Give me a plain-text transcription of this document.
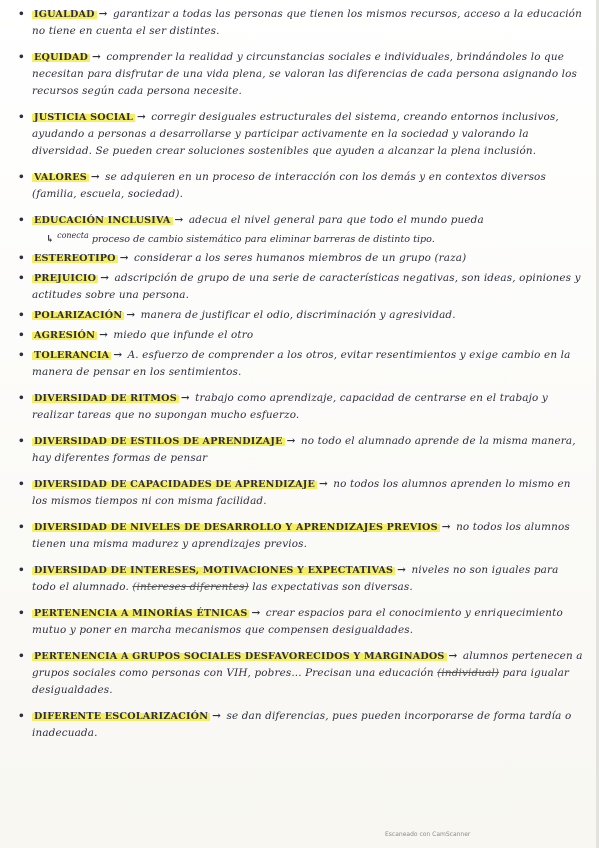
• IGUALDAD → garantizar a todas las personas que tienen los mismos recursos, acceso a la educación no tiene en cuenta el ser distintes.
• EQUIDAD → comprender la realidad y circunstancias sociales e individuales, brindándoles lo que necesitan para disfrutar de una vida plena, se valoran las diferencias de cada persona asignando los recursos según cada persona necesite.
• JUSTICIA SOCIAL → corregir desiguales estructurales del sistema, creando entornos inclusivos, ayudando a personas a desarrollarse y participar activamente en la sociedad y valorando la diversidad. Se pueden crear soluciones sostenibles que ayuden a alcanzar la plena inclusión.
• VALORES → se adquieren en un proceso de interacción con los demás y en contextos diversos (familia, escuela, sociedad).
• EDUCACIÓN INCLUSIVA → adecua el nivel general para que todo el mundo pueda
↳ $^{conecta}$ proceso de cambio sistemático para eliminar barreras de distinto tipo.
• ESTEREOTIPO → considerar a los seres humanos miembros de un grupo (raza)
• PREJUICIO → adscripción de grupo de una serie de características negativas, son ideas, opiniones y actitudes sobre una persona.
• POLARIZACIÓN → manera de justificar el odio, discriminación y agresividad.
• AGRESIÓN → miedo que infunde el otro
• TOLERANCIA → A. esfuerzo de comprender a los otros, evitar resentimientos y exige cambio en la manera de pensar en los sentimientos.
• DIVERSIDAD DE RITMOS → trabajo como aprendizaje, capacidad de centrarse en el trabajo y realizar tareas que no supongan mucho esfuerzo.
• DIVERSIDAD DE ESTILOS DE APRENDIZAJE → no todo el alumnado aprende de la misma manera, hay diferentes formas de pensar
• DIVERSIDAD DE CAPACIDADES DE APRENDIZAJE → no todos los alumnos aprenden lo mismo en los mismos tiempos ni con misma facilidad.
• DIVERSIDAD DE NIVELES DE DESARROLLO Y APRENDIZAJES PREVIOS → no todos los alumnos tienen una misma madurez y aprendizajes previos.
• DIVERSIDAD DE INTERESES, MOTIVACIONES Y EXPECTATIVAS → niveles no son iguales para todo el alumnado. (intereses diferentes) las expectativas son diversas.
• PERTENENCIA A MINORÍAS ÉTNICAS → crear espacios para el conocimiento y enriquecimiento mutuo y poner en marcha mecanismos que compensen desigualdades.
• PERTENENCIA A GRUPOS SOCIALES DESFAVORECIDOS Y MARGINADOS → alumnos pertenecen a grupos sociales como personas con VIH, pobres... Precisan una educación (individual) para igualar desigualdades.
• DIFERENTE ESCOLARIZACIÓN → se dan diferencias, pues pueden incorporarse de forma tardía o inadecuada.
Escaneado con CamScanner
